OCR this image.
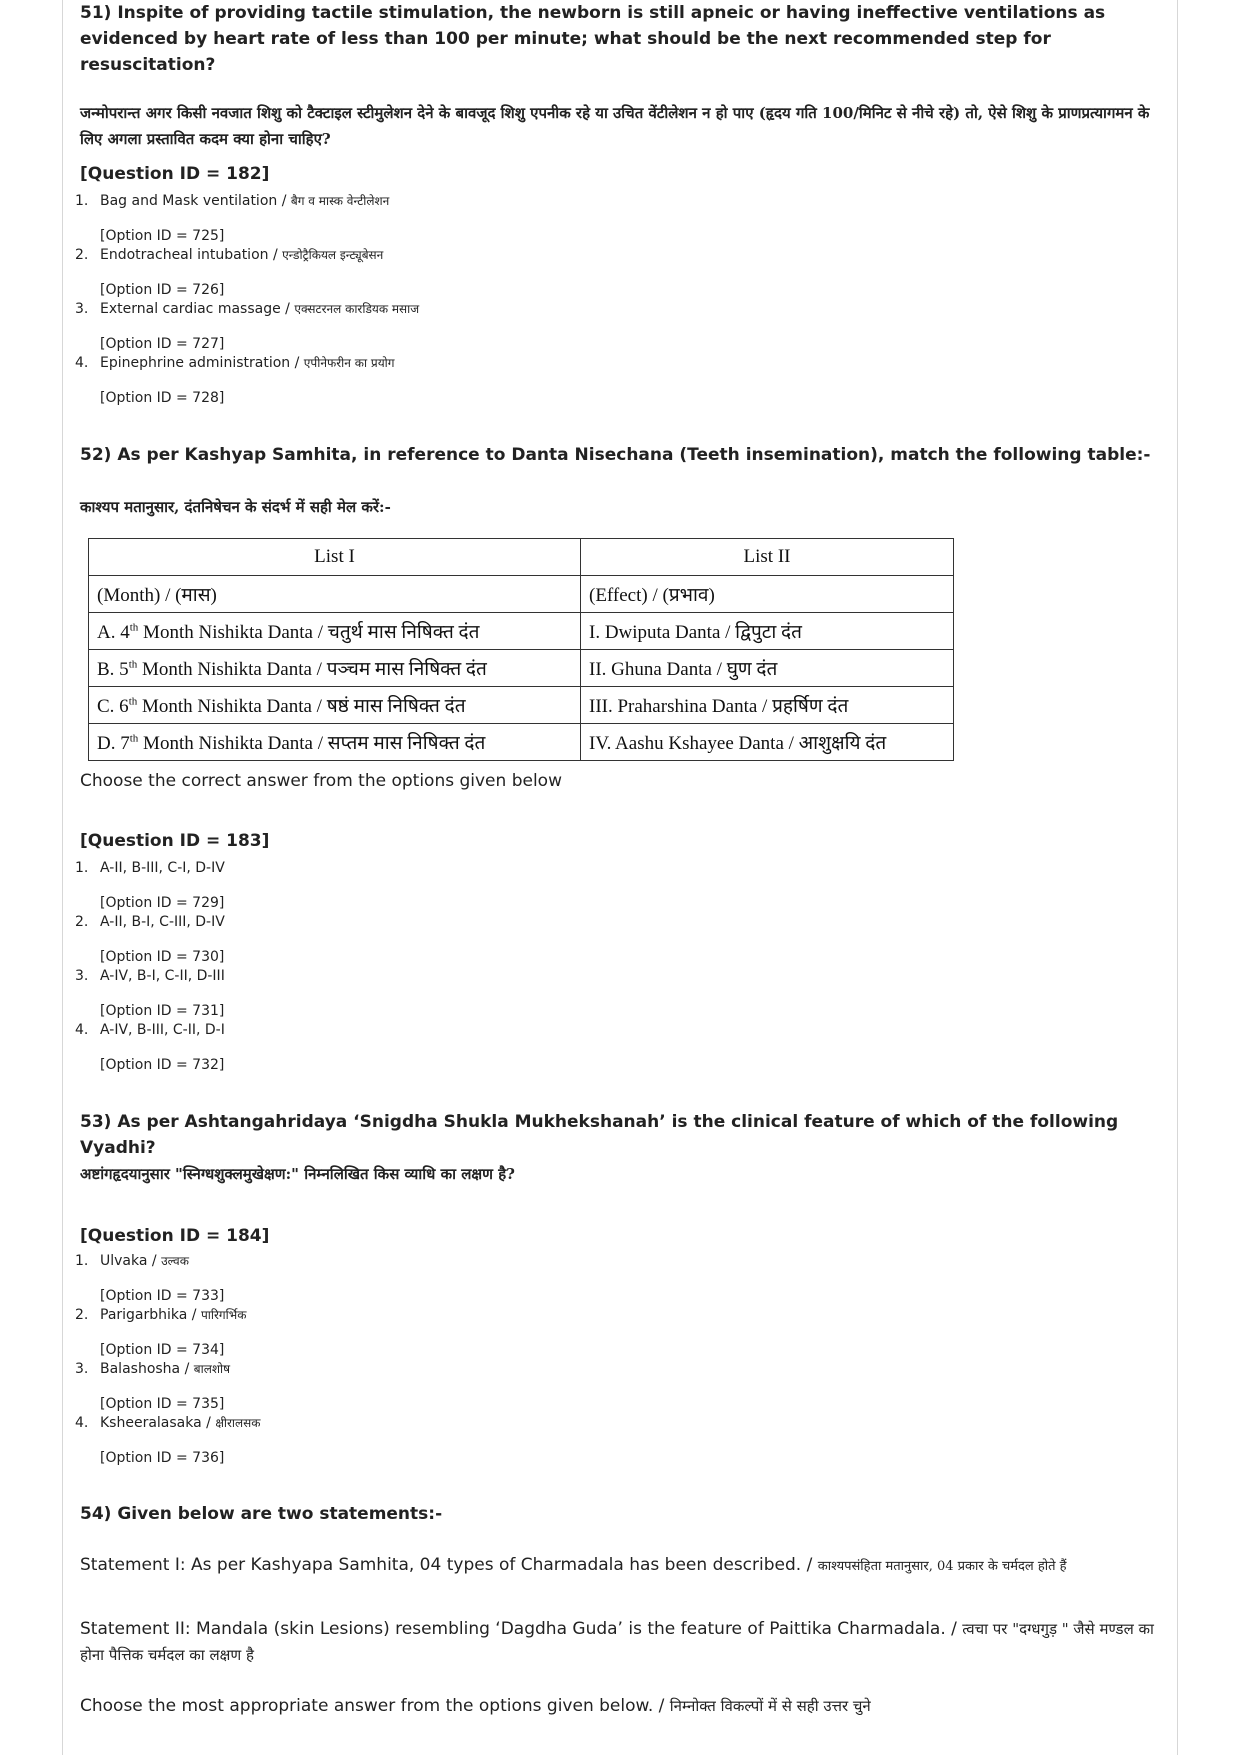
51) Inspite of providing tactile stimulation, the newborn is still apneic or having ineffective ventilations as evidenced by heart rate of less than 100 per minute; what should be the next recommended step for resuscitation?

जन्मोपरान्त अगर किसी नवजात शिशु को टैक्टाइल स्टीमुलेशन देने के बावजूद शिशु एपनीक रहे या उचित वेंटीलेशन न हो पाए (हृदय गति 100/मिनिट से नीचे रहे) तो, ऐसे शिशु के प्राणप्रत्यागमन के लिए अगला प्रस्तावित कदम क्या होना चाहिए?

[Question ID = 182]

1. Bag and Mask ventilation / बैग व मास्क वेन्टीलेशन
[Option ID = 725]
2. Endotracheal intubation / एन्डोट्रैकियल इन्ट्यूबेसन
[Option ID = 726]
3. External cardiac massage / एक्सटरनल कारडियक मसाज
[Option ID = 727]
4. Epinephrine administration / एपीनेफरीन का प्रयोग
[Option ID = 728]

52) As per Kashyap Samhita, in reference to Danta Nisechana (Teeth insemination), match the following table:-

काश्यप मतानुसार, दंतनिषेचन के संदर्भ में सही मेल करें:-

List I	List II
(Month) / (मास)	(Effect) / (प्रभाव)
A. 4th Month Nishikta Danta / चतुर्थ मास निषिक्त दंत	I. Dwiputa Danta / द्विपुटा दंत
B. 5th Month Nishikta Danta / पञ्चम मास निषिक्त दंत	II. Ghuna Danta / घुण दंत
C. 6th Month Nishikta Danta / षष्ठं मास निषिक्त दंत	III. Praharshina Danta / प्रहर्षिण दंत
D. 7th Month Nishikta Danta / सप्तम मास निषिक्त दंत	IV. Aashu Kshayee Danta / आशुक्षयि दंत

Choose the correct answer from the options given below

[Question ID = 183]

1. A-II, B-III, C-I, D-IV
[Option ID = 729]
2. A-II, B-I, C-III, D-IV
[Option ID = 730]
3. A-IV, B-I, C-II, D-III
[Option ID = 731]
4. A-IV, B-III, C-II, D-I
[Option ID = 732]

53) As per Ashtangahridaya ‘Snigdha Shukla Mukhekshanah’ is the clinical feature of which of the following Vyadhi?

अष्टांगहृदयानुसार "स्निग्धशुक्लमुखेक्षण:" निम्नलिखित किस व्याधि का लक्षण है?

[Question ID = 184]

1. Ulvaka / उल्वक
[Option ID = 733]
2. Parigarbhika / पारिगर्भिक
[Option ID = 734]
3. Balashosha / बालशोष
[Option ID = 735]
4. Ksheeralasaka / क्षीरालसक
[Option ID = 736]

54) Given below are two statements:-

Statement I: As per Kashyapa Samhita, 04 types of Charmadala has been described. / काश्यपसंहिता मतानुसार, 04 प्रकार के चर्मदल होते हैं

Statement II: Mandala (skin Lesions) resembling ‘Dagdha Guda’ is the feature of Paittika Charmadala. / त्वचा पर "दग्धगुड़ " जैसे मण्डल का होना पैत्तिक चर्मदल का लक्षण है

Choose the most appropriate answer from the options given below. / निम्नोक्त विकल्पों में से सही उत्तर चुने
